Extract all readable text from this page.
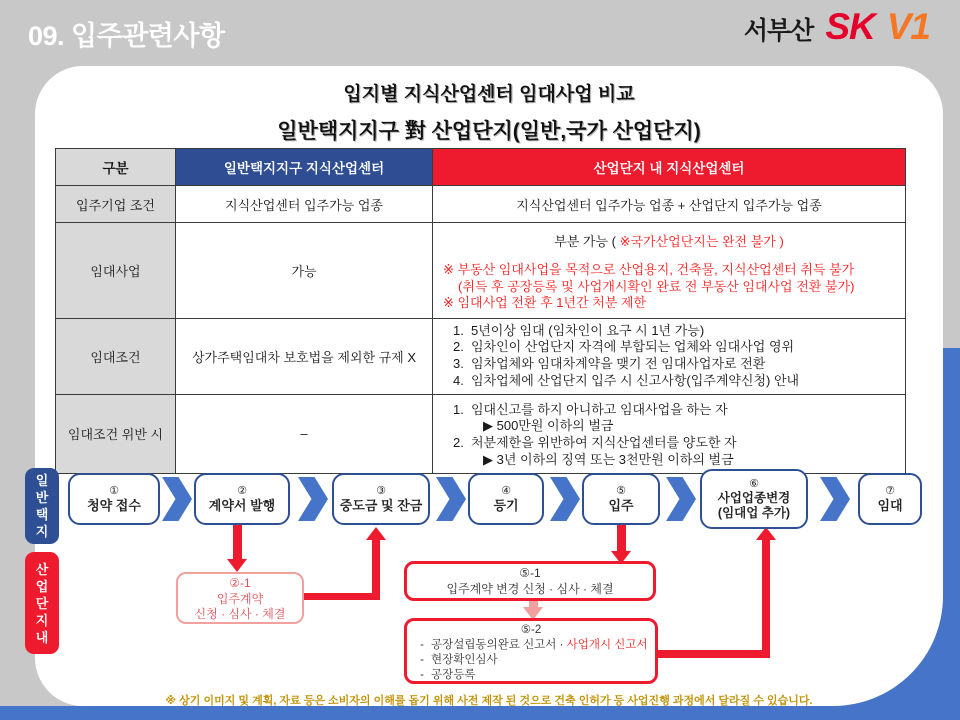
09. 입주관련사항	서부산 SK V1
입지별 지식산업센터 임대사업 비교
일반택지지구 對 산업단지(일반,국가 산업단지)
구분	일반택지지구 지식산업센터	산업단지 내 지식산업센터
입주기업 조건	지식산업센터 입주가능 업종	지식산업센터 입주가능 업종 + 산업단지 입주가능 업종
임대사업	가능	부분 가능 ( ※국가산업단지는 완전 불가 )
※ 부동산 임대사업을 목적으로 산업용지, 건축물, 지식산업센터 취득 불가
(취득 후 공장등록 및 사업개시확인 완료 전 부동산 임대사업 전환 불가)
※ 임대사업 전환 후 1년간 처분 제한

임대조건	상가주택임대차 보호법을 제외한 규제 X	
1. 5년이상 임대 (임차인이 요구 시 1년 가능)
2. 임차인이 산업단지 자격에 부합되는 업체와 임대사업 영위
3. 임차업체와 임대차계약을 맺기 전 임대사업자로 전환
4. 임차업체에 산업단지 입주 시 신고사항(입주계약신청) 안내

임대조건 위반 시	–	
1. 임대신고를 하지 아니하고 임대사업을 하는 자
▶ 500만원 이하의 벌금
2. 처분제한을 위반하여 지식산업센터를 양도한 자
▶ 3년 이하의 징역 또는 3천만원 이하의 벌금
일반택지
산업단지내
①
청약 접수
②
계약서 발행
③
중도금 및 잔금
④
등기
⑤
입주
⑥
사업업종변경
(임대업 추가)
⑦
임대
②-1
입주계약
신청 · 심사 · 체결
⑤-1
입주계약 변경 신청 · 심사 · 체결
⑤-2
- 공장설립동의완료 신고서 · 사업개시 신고서
- 현장확인심사
- 공장등록
※ 상기 이미지 및 계획, 자료 등은 소비자의 이해를 돕기 위해 사전 제작 된 것으로 건축 인허가 등 사업진행 과정에서 달라질 수 있습니다.
